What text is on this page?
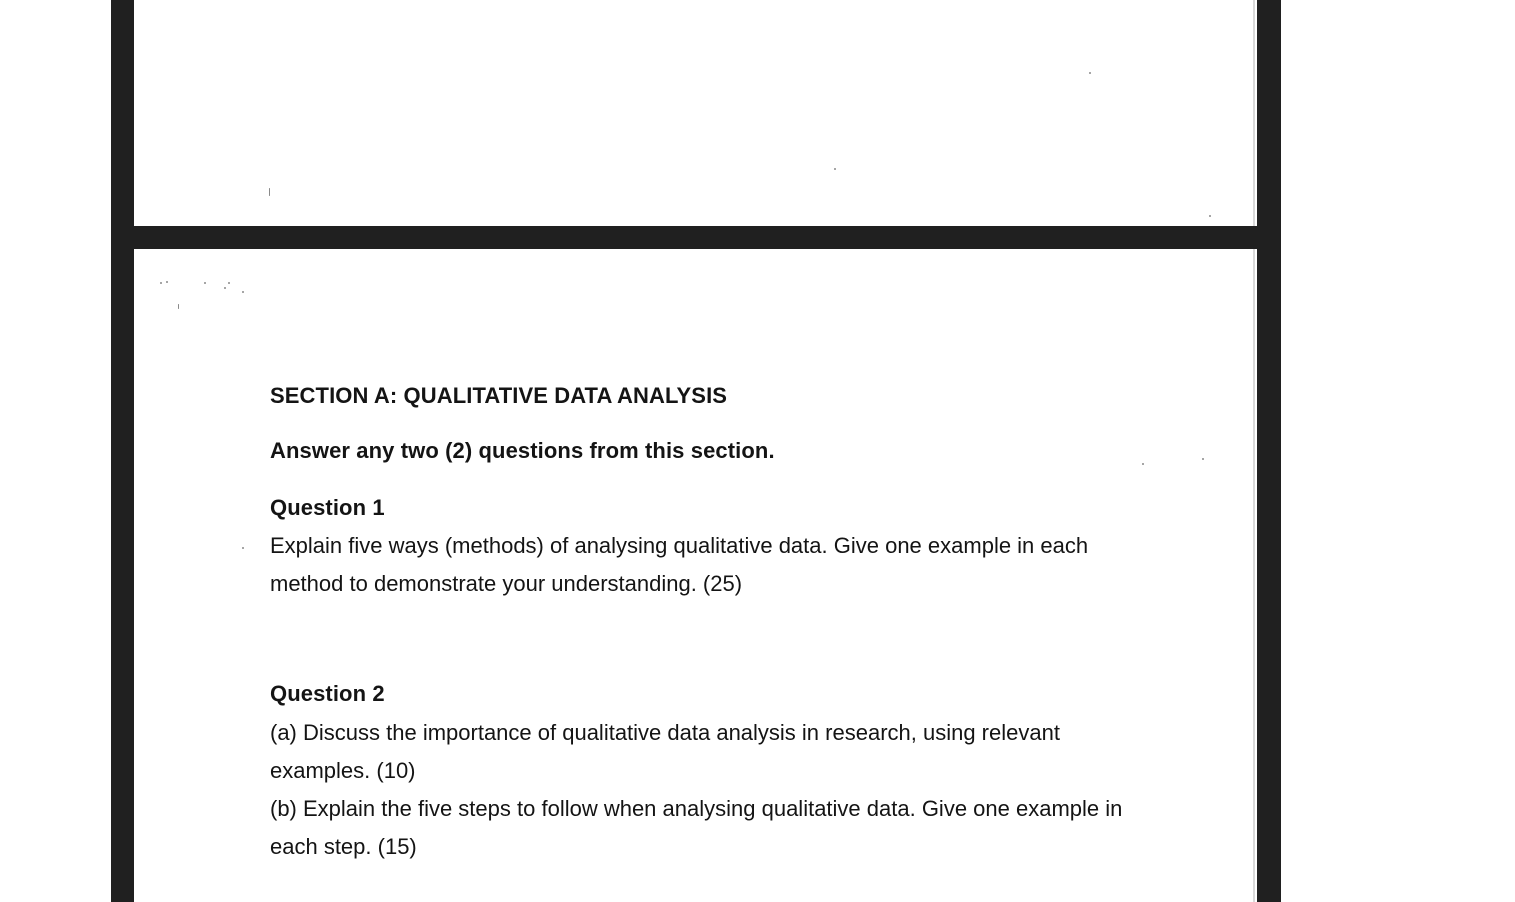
SECTION A: QUALITATIVE DATA ANALYSIS

Answer any two (2) questions from this section.

Question 1

Explain five ways (methods) of analysing qualitative data. Give one example in each method to demonstrate your understanding. (25)

Question 2

(a) Discuss the importance of qualitative data analysis in research, using relevant examples. (10)

(b) Explain the five steps to follow when analysing qualitative data. Give one example in each step. (15)
